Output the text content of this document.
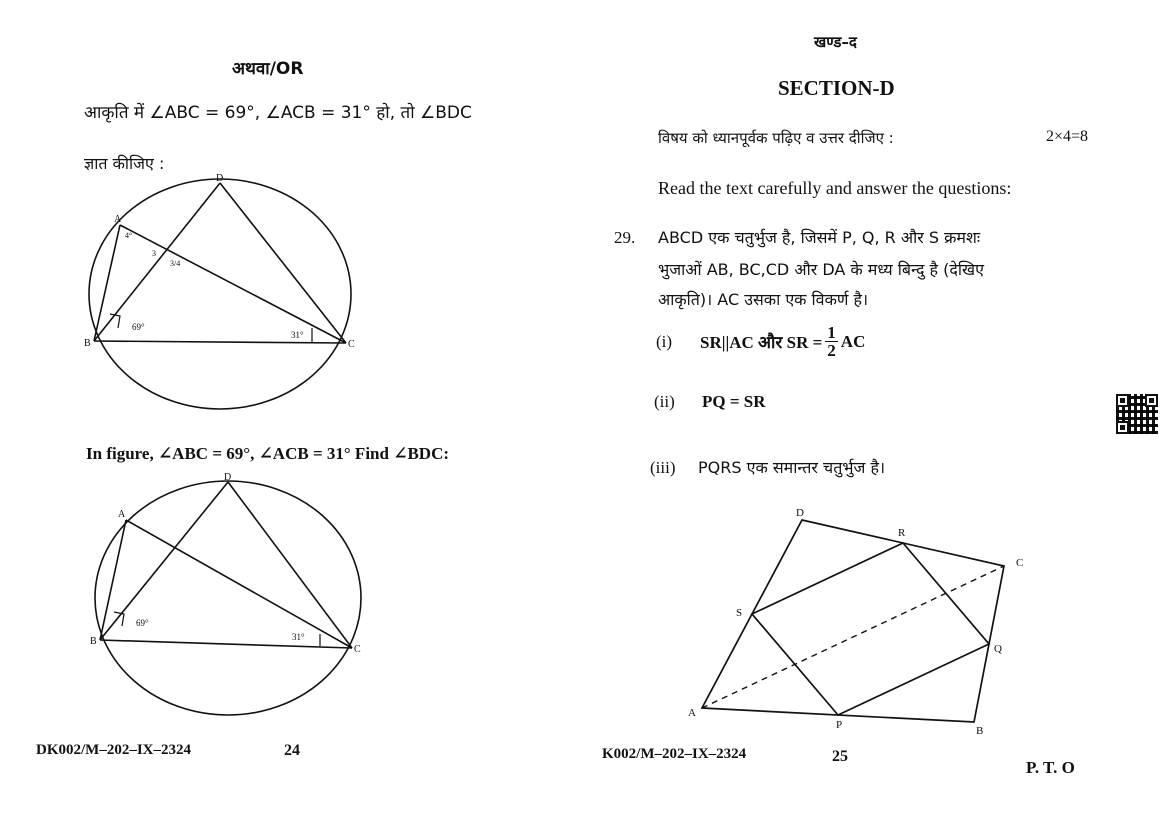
अथवा/OR
आकृति में ∠ABC = 69°, ∠ACB = 31° हो, तो ∠BDC
ज्ञात कीजिए :
A
D
B	C
69°
31°
4°
3
3/4
In figure, ∠ABC = 69°, ∠ACB = 31° Find ∠BDC:
A
D
B
C
69°
31°
DK002/M–202–IX–2324	24
खण्ड–द
SECTION-D
विषय को ध्यानपूर्वक पढ़िए व उत्तर दीजिए :	2×4=8
Read the text carefully and answer the questions:
29. ABCD एक चतुर्भुज है, जिसमें P, Q, R और S क्रमशः
भुजाओं AB, BC,CD और DA के मध्य बिन्दु है (देखिए
आकृति)। AC उसका एक विकर्ण है।
(i) SR||AC और SR = $\frac{1}{2}$ AC
(ii) PQ = SR
(iii) PQRS एक समान्तर चतुर्भुज है।
A
B
C
D
P
Q
R
S
K002/M–202–IX–2324	25
P. T. O
